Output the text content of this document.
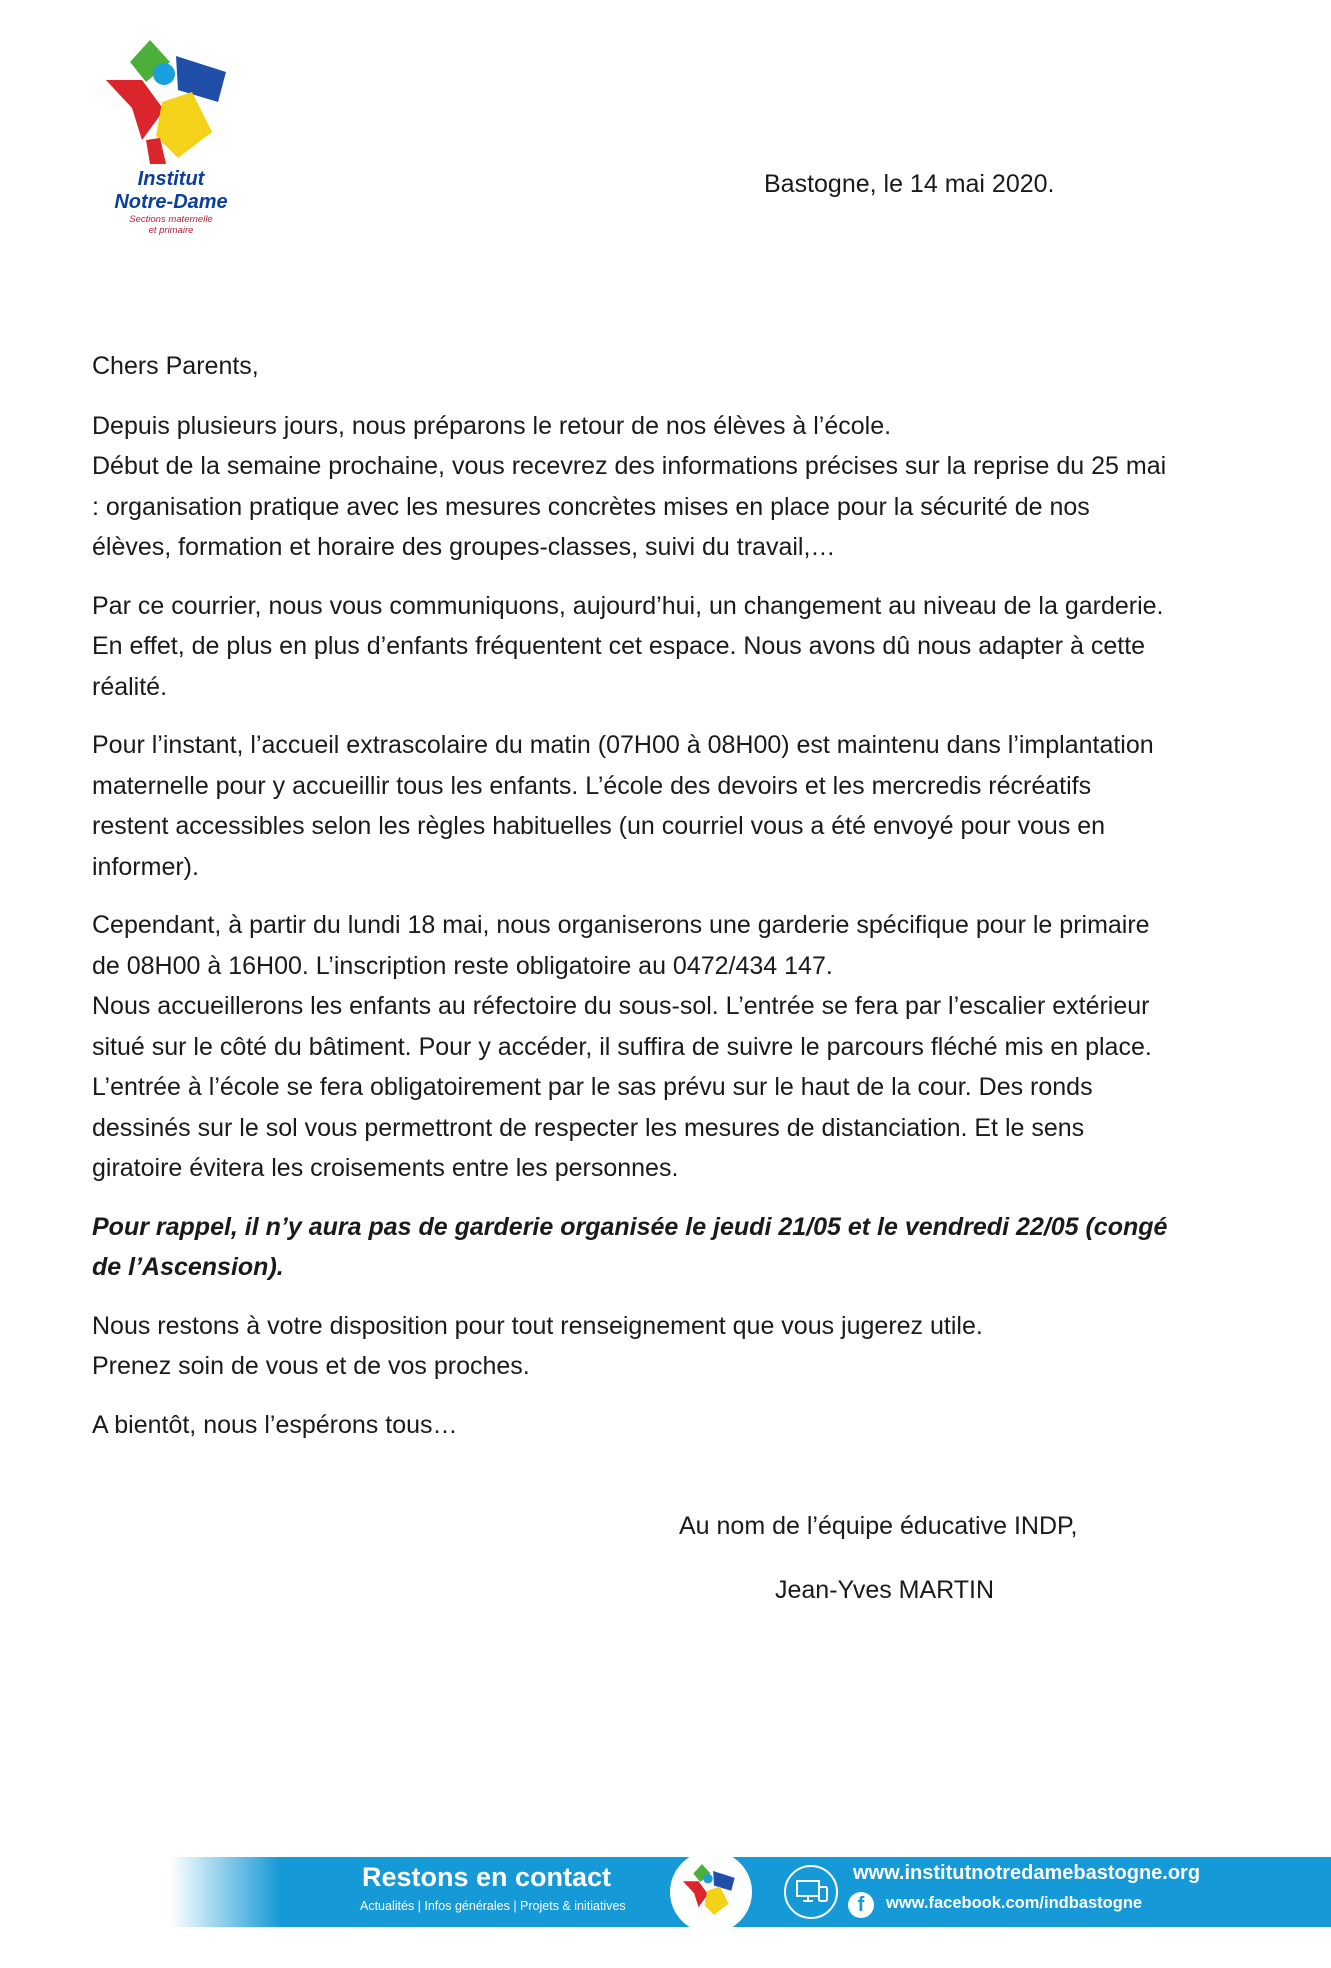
Institut
Notre-Dame
Sections maternelle
et primaire
Bastogne, le 14 mai 2020.

Chers Parents,

Depuis plusieurs jours, nous préparons le retour de nos élèves à l’école.

Début de la semaine prochaine, vous recevrez des informations précises sur la reprise du 25 mai : organisation pratique avec les mesures concrètes mises en place pour la sécurité de nos élèves, formation et horaire des groupes-classes, suivi du travail,…

Par ce courrier, nous vous communiquons, aujourd’hui, un changement au niveau de la garderie. En effet, de plus en plus d’enfants fréquentent cet espace. Nous avons dû nous adapter à cette réalité.

Pour l’instant, l’accueil extrascolaire du matin (07H00 à 08H00) est maintenu dans l’implantation maternelle pour y accueillir tous les enfants. L’école des devoirs et les mercredis récréatifs restent accessibles selon les règles habituelles (un courriel vous a été envoyé pour vous en informer).

Cependant, à partir du lundi 18 mai, nous organiserons une garderie spécifique pour le primaire de 08H00 à 16H00. L’inscription reste obligatoire au 0472/434 147.

Nous accueillerons les enfants au réfectoire du sous-sol. L’entrée se fera par l’escalier extérieur situé sur le côté du bâtiment. Pour y accéder, il suffira de suivre le parcours fléché mis en place. L’entrée à l’école se fera obligatoirement par le sas prévu sur le haut de la cour. Des ronds dessinés sur le sol vous permettront de respecter les mesures de distanciation. Et le sens giratoire évitera les croisements entre les personnes.

Pour rappel, il n’y aura pas de garderie organisée le jeudi 21/05 et le vendredi 22/05 (congé de l’Ascension).

Nous restons à votre disposition pour tout renseignement que vous jugerez utile.

Prenez soin de vous et de vos proches.

A bientôt, nous l’espérons tous…

Au nom de l’équipe éducative INDP,
Jean-Yves MARTIN
Restons en contact
Actualités | Infos générales | Projets & initiatives	f
www.institutnotredamebastogne.org
www.facebook.com/indbastogne
